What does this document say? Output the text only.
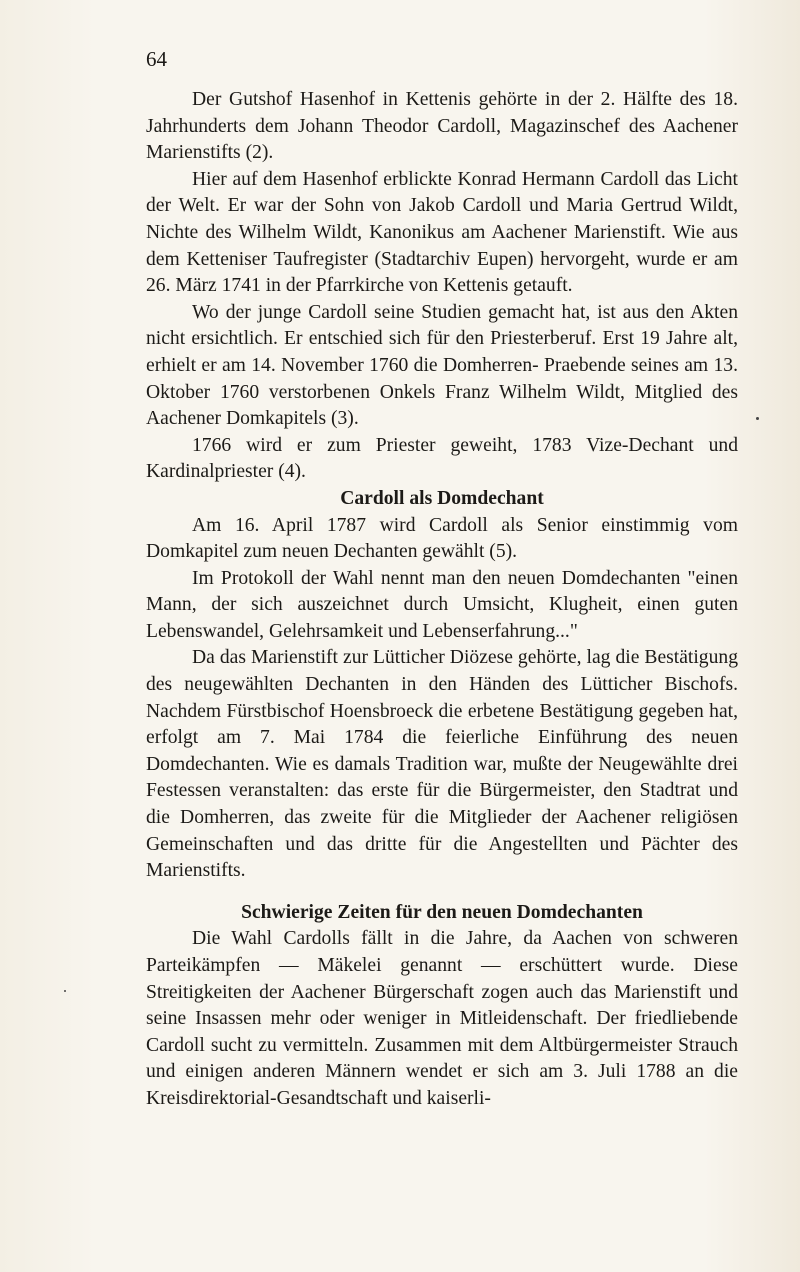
64

Der Gutshof Hasenhof in Kettenis gehörte in der 2. Hälfte des 18. Jahrhunderts dem Johann Theodor Cardoll, Magazinschef des Aachener Marienstifts (2).

Hier auf dem Hasenhof erblickte Konrad Hermann Cardoll das Licht der Welt. Er war der Sohn von Jakob Cardoll und Maria Gertrud Wildt, Nichte des Wilhelm Wildt, Kanonikus am Aachener Marienstift. Wie aus dem Ketteniser Taufregister (Stadtarchiv Eupen) hervorgeht, wurde er am 26. März 1741 in der Pfarrkirche von Kettenis getauft.

Wo der junge Cardoll seine Studien gemacht hat, ist aus den Akten nicht ersichtlich. Er entschied sich für den Priesterberuf. Erst 19 Jahre alt, erhielt er am 14. November 1760 die Domherren- Praebende seines am 13. Oktober 1760 verstorbenen Onkels Franz Wilhelm Wildt, Mitglied des Aachener Domkapitels (3).

1766 wird er zum Priester geweiht, 1783 Vize-Dechant und Kardinalpriester (4).

Cardoll als Domdechant

Am 16. April 1787 wird Cardoll als Senior einstimmig vom Domkapitel zum neuen Dechanten gewählt (5).

Im Protokoll der Wahl nennt man den neuen Domdechanten "einen Mann, der sich auszeichnet durch Umsicht, Klugheit, einen guten Lebenswandel, Gelehrsamkeit und Lebenserfahrung..."

Da das Marienstift zur Lütticher Diözese gehörte, lag die Bestätigung des neugewählten Dechanten in den Händen des Lütticher Bischofs. Nachdem Fürstbischof Hoensbroeck die erbetene Bestätigung gegeben hat, erfolgt am 7. Mai 1784 die feierliche Einführung des neuen Domdechanten. Wie es damals Tradition war, mußte der Neugewählte drei Festessen veranstalten: das erste für die Bürgermeister, den Stadtrat und die Domherren, das zweite für die Mitglieder der Aachener religiösen Gemeinschaften und das dritte für die Angestellten und Pächter des Marienstifts.

Schwierige Zeiten für den neuen Domdechanten

Die Wahl Cardolls fällt in die Jahre, da Aachen von schweren Parteikämpfen — Mäkelei genannt — erschüttert wurde. Diese Streitigkeiten der Aachener Bürgerschaft zogen auch das Marienstift und seine Insassen mehr oder weniger in Mitleidenschaft. Der friedliebende Cardoll sucht zu vermitteln. Zusammen mit dem Altbürgermeister Strauch und einigen anderen Männern wendet er sich am 3. Juli 1788 an die Kreisdirektorial-Gesandtschaft und kaiserli-
